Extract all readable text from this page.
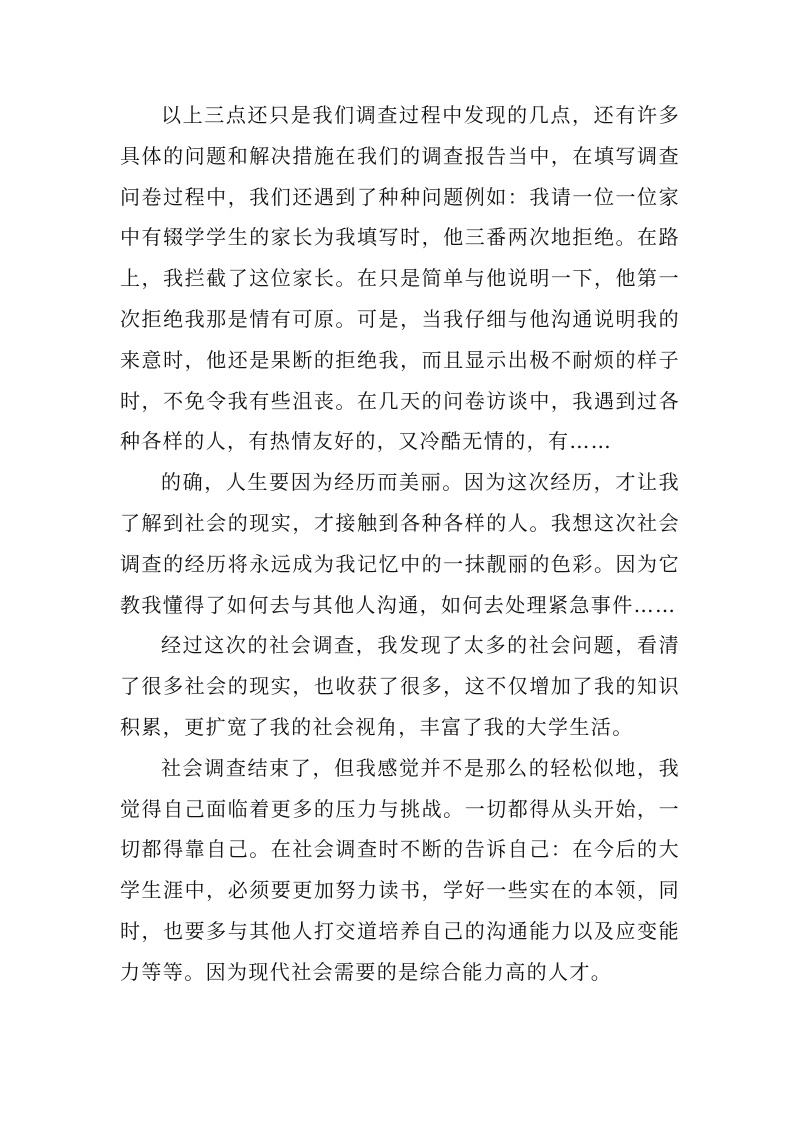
以上三点还只是我们调查过程中发现的几点，还有许多具体的问题和解决措施在我们的调查报告当中，在填写调查问卷过程中，我们还遇到了种种问题例如：我请一位一位家中有辍学学生的家长为我填写时，他三番两次地拒绝。在路上，我拦截了这位家长。在只是简单与他说明一下，他第一次拒绝我那是情有可原。可是，当我仔细与他沟通说明我的来意时，他还是果断的拒绝我，而且显示出极不耐烦的样子时，不免令我有些沮丧。在几天的问卷访谈中，我遇到过各种各样的人，有热情友好的，又冷酷无情的，有……

的确，人生要因为经历而美丽。因为这次经历，才让我了解到社会的现实，才接触到各种各样的人。我想这次社会调查的经历将永远成为我记忆中的一抹靓丽的色彩。因为它教我懂得了如何去与其他人沟通，如何去处理紧急事件……

经过这次的社会调查，我发现了太多的社会问题，看清了很多社会的现实，也收获了很多，这不仅增加了我的知识积累，更扩宽了我的社会视角，丰富了我的大学生活。

社会调查结束了，但我感觉并不是那么的轻松似地，我觉得自己面临着更多的压力与挑战。一切都得从头开始，一切都得靠自己。在社会调查时不断的告诉自己：在今后的大学生涯中，必须要更加努力读书，学好一些实在的本领，同时，也要多与其他人打交道培养自己的沟通能力以及应变能力等等。因为现代社会需要的是综合能力高的人才。
